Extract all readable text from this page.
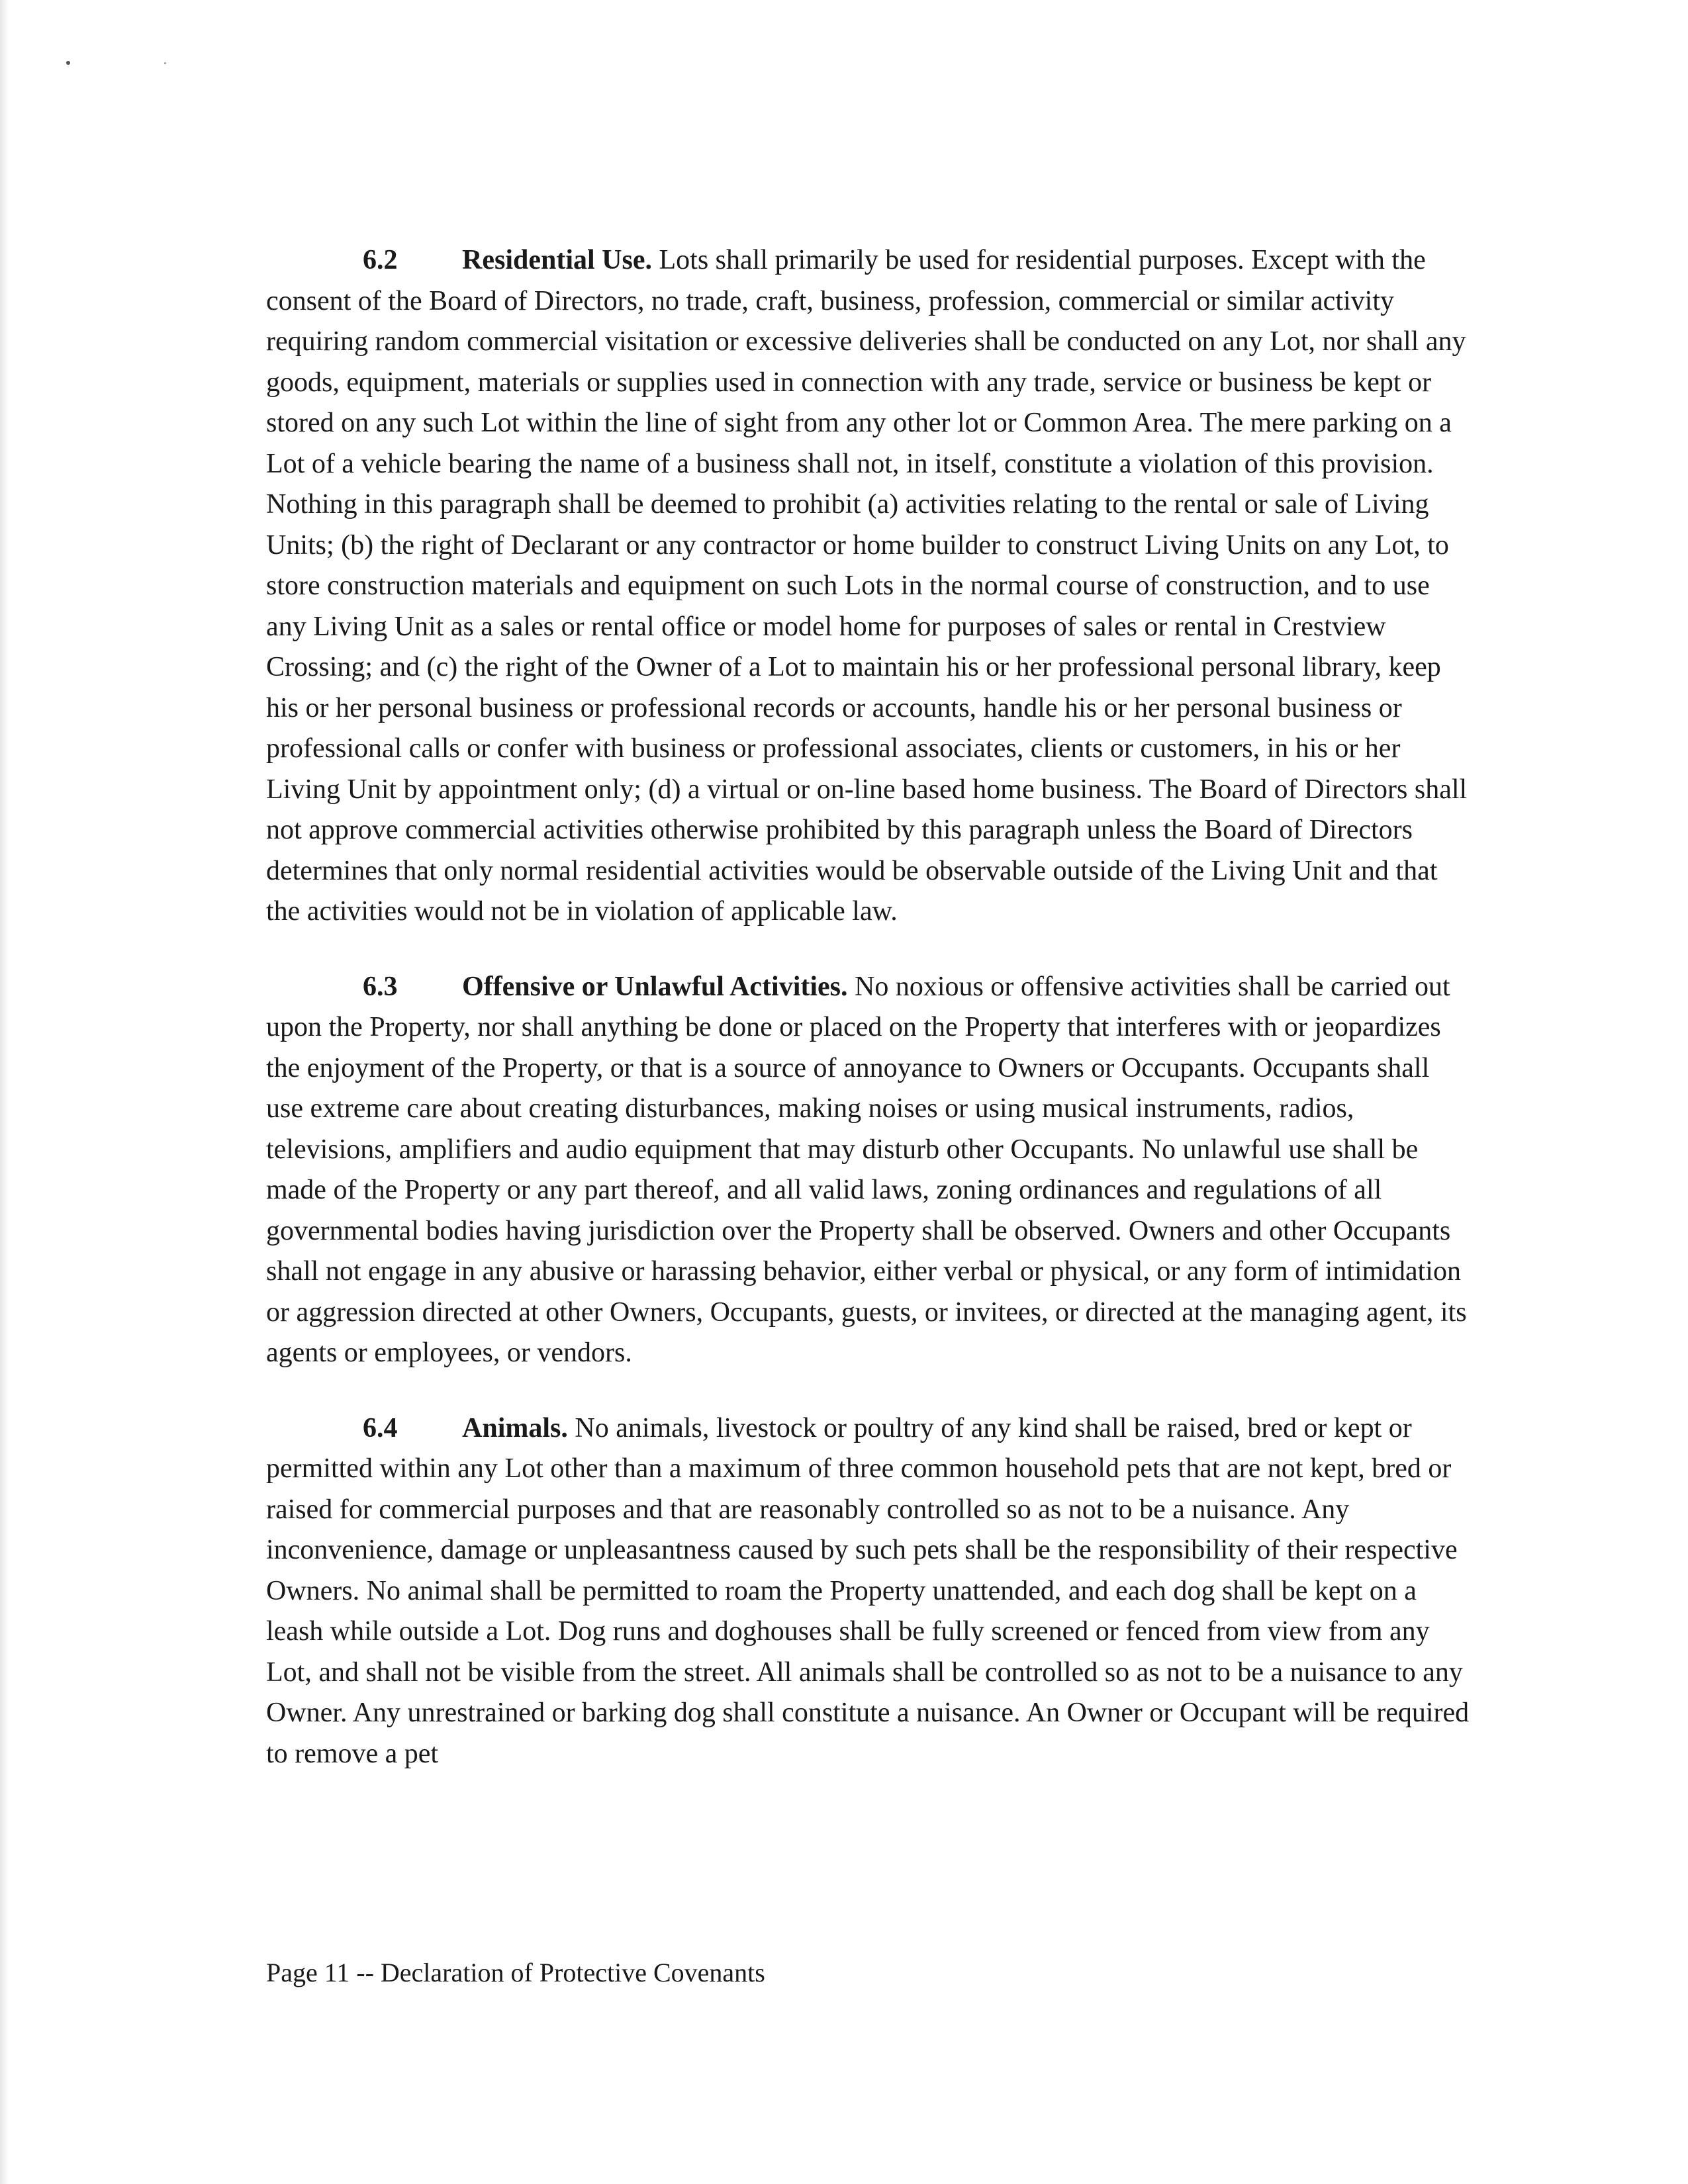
6.2 Residential Use. Lots shall primarily be used for residential purposes. Except with the consent of the Board of Directors, no trade, craft, business, profession, commercial or similar activity requiring random commercial visitation or excessive deliveries shall be conducted on any Lot, nor shall any goods, equipment, materials or supplies used in connection with any trade, service or business be kept or stored on any such Lot within the line of sight from any other lot or Common Area. The mere parking on a Lot of a vehicle bearing the name of a business shall not, in itself, constitute a violation of this provision. Nothing in this paragraph shall be deemed to prohibit (a) activities relating to the rental or sale of Living Units; (b) the right of Declarant or any contractor or home builder to construct Living Units on any Lot, to store construction materials and equipment on such Lots in the normal course of construction, and to use any Living Unit as a sales or rental office or model home for purposes of sales or rental in Crestview Crossing; and (c) the right of the Owner of a Lot to maintain his or her professional personal library, keep his or her personal business or professional records or accounts, handle his or her personal business or professional calls or confer with business or professional associates, clients or customers, in his or her Living Unit by appointment only; (d) a virtual or on-line based home business. The Board of Directors shall not approve commercial activities otherwise prohibited by this paragraph unless the Board of Directors determines that only normal residential activities would be observable outside of the Living Unit and that the activities would not be in violation of applicable law.

6.3 Offensive or Unlawful Activities. No noxious or offensive activities shall be carried out upon the Property, nor shall anything be done or placed on the Property that interferes with or jeopardizes the enjoyment of the Property, or that is a source of annoyance to Owners or Occupants. Occupants shall use extreme care about creating disturbances, making noises or using musical instruments, radios, televisions, amplifiers and audio equipment that may disturb other Occupants. No unlawful use shall be made of the Property or any part thereof, and all valid laws, zoning ordinances and regulations of all governmental bodies having jurisdiction over the Property shall be observed. Owners and other Occupants shall not engage in any abusive or harassing behavior, either verbal or physical, or any form of intimidation or aggression directed at other Owners, Occupants, guests, or invitees, or directed at the managing agent, its agents or employees, or vendors.

6.4 Animals. No animals, livestock or poultry of any kind shall be raised, bred or kept or permitted within any Lot other than a maximum of three common household pets that are not kept, bred or raised for commercial purposes and that are reasonably controlled so as not to be a nuisance. Any inconvenience, damage or unpleasantness caused by such pets shall be the responsibility of their respective Owners. No animal shall be permitted to roam the Property unattended, and each dog shall be kept on a leash while outside a Lot. Dog runs and doghouses shall be fully screened or fenced from view from any Lot, and shall not be visible from the street. All animals shall be controlled so as not to be a nuisance to any Owner. Any unrestrained or barking dog shall constitute a nuisance. An Owner or Occupant will be required to remove a pet

Page 11 -- Declaration of Protective Covenants
